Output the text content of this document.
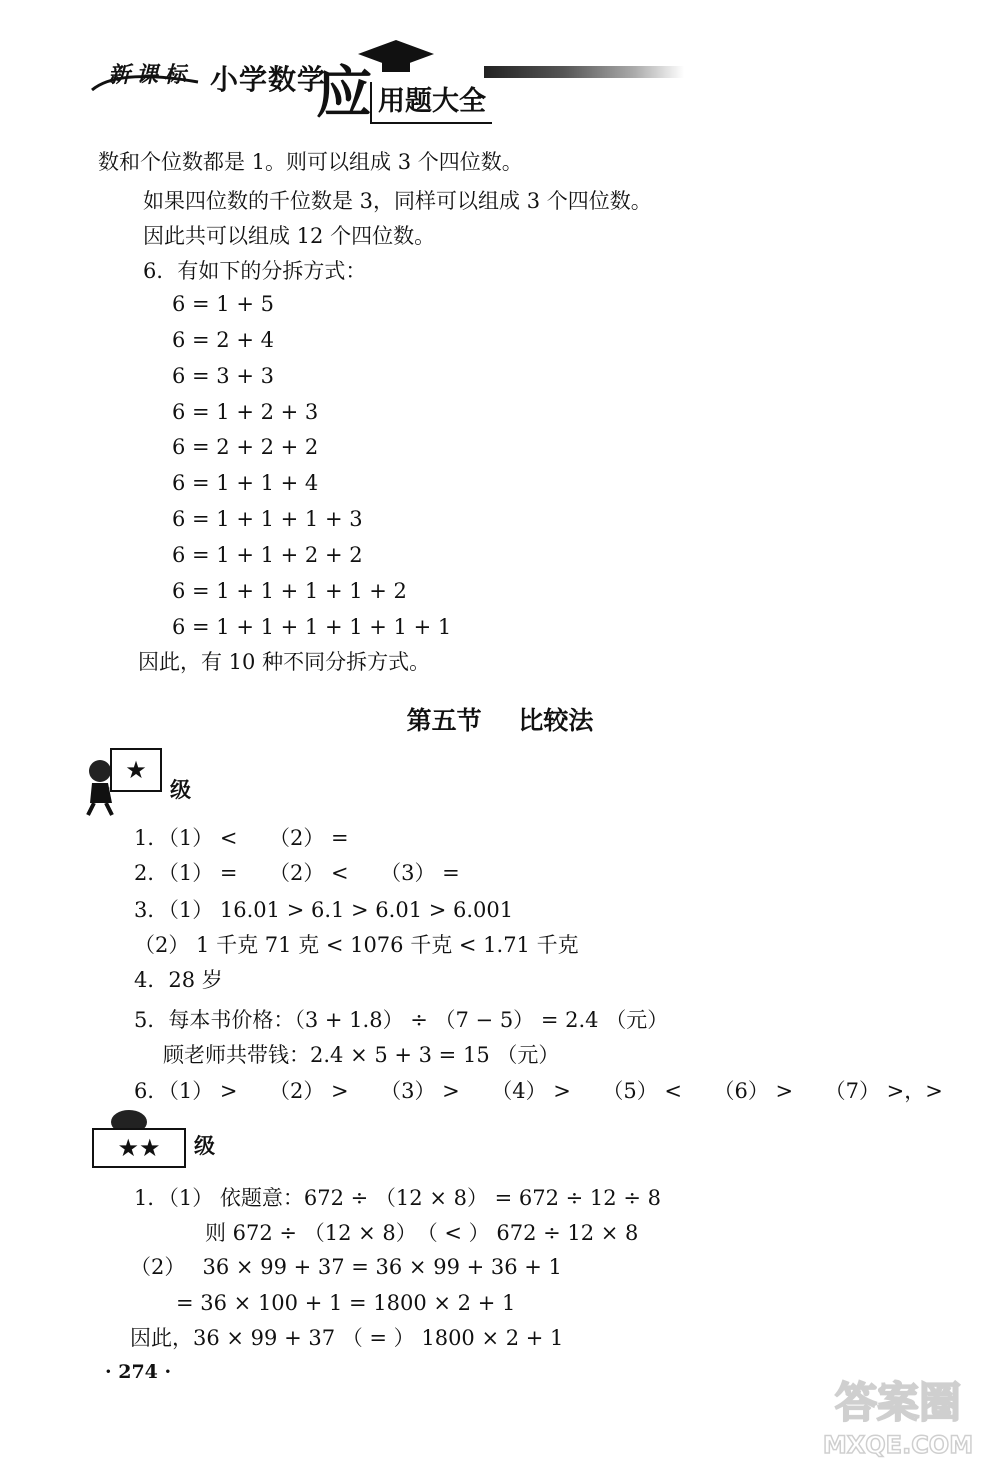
新课标 小学数学
应 用题大全
数和个位数都是 1。则可以组成 3 个四位数。
如果四位数的千位数是 3，同样可以组成 3 个四位数。
因此共可以组成 12 个四位数。
6．有如下的分拆方式：
6 = 1 + 5
6 = 2 + 4
6 = 3 + 3
6 = 1 + 2 + 3
6 = 2 + 2 + 2
6 = 1 + 1 + 4
6 = 1 + 1 + 1 + 3
6 = 1 + 1 + 2 + 2
6 = 1 + 1 + 1 + 1 + 2
6 = 1 + 1 + 1 + 1 + 1 + 1
因此，有 10 种不同分拆方式。
第五节 比较法
★
级
1．（1） <　　（2） =
2．（1） =　　（2） <　　（3） =
3．（1） 16.01 > 6.1 > 6.01 > 6.001
（2） 1 千克 71 克 < 1076 千克 < 1.71 千克
4．28 岁
5．每本书价格：（3 + 1.8） ÷ （7 − 5） = 2.4 （元）
顾老师共带钱：2.4 × 5 + 3 = 15 （元）
6．（1） >　　（2） >　　（3） >　　（4） >　　（5） <　　（6） >　　（7） >，>
★★ 级
1．（1） 依题意：672 ÷ （12 × 8） = 672 ÷ 12 ÷ 8
则 672 ÷ （12 × 8）　（ < ） 672 ÷ 12 × 8
（2）　 36 × 99 + 37 = 36 × 99 + 36 + 1
= 36 × 100 + 1 = 1800 × 2 + 1
因此，36 × 99 + 37 （ = ） 1800 × 2 + 1
· 274 ·
答案圈
MXQE.COM
